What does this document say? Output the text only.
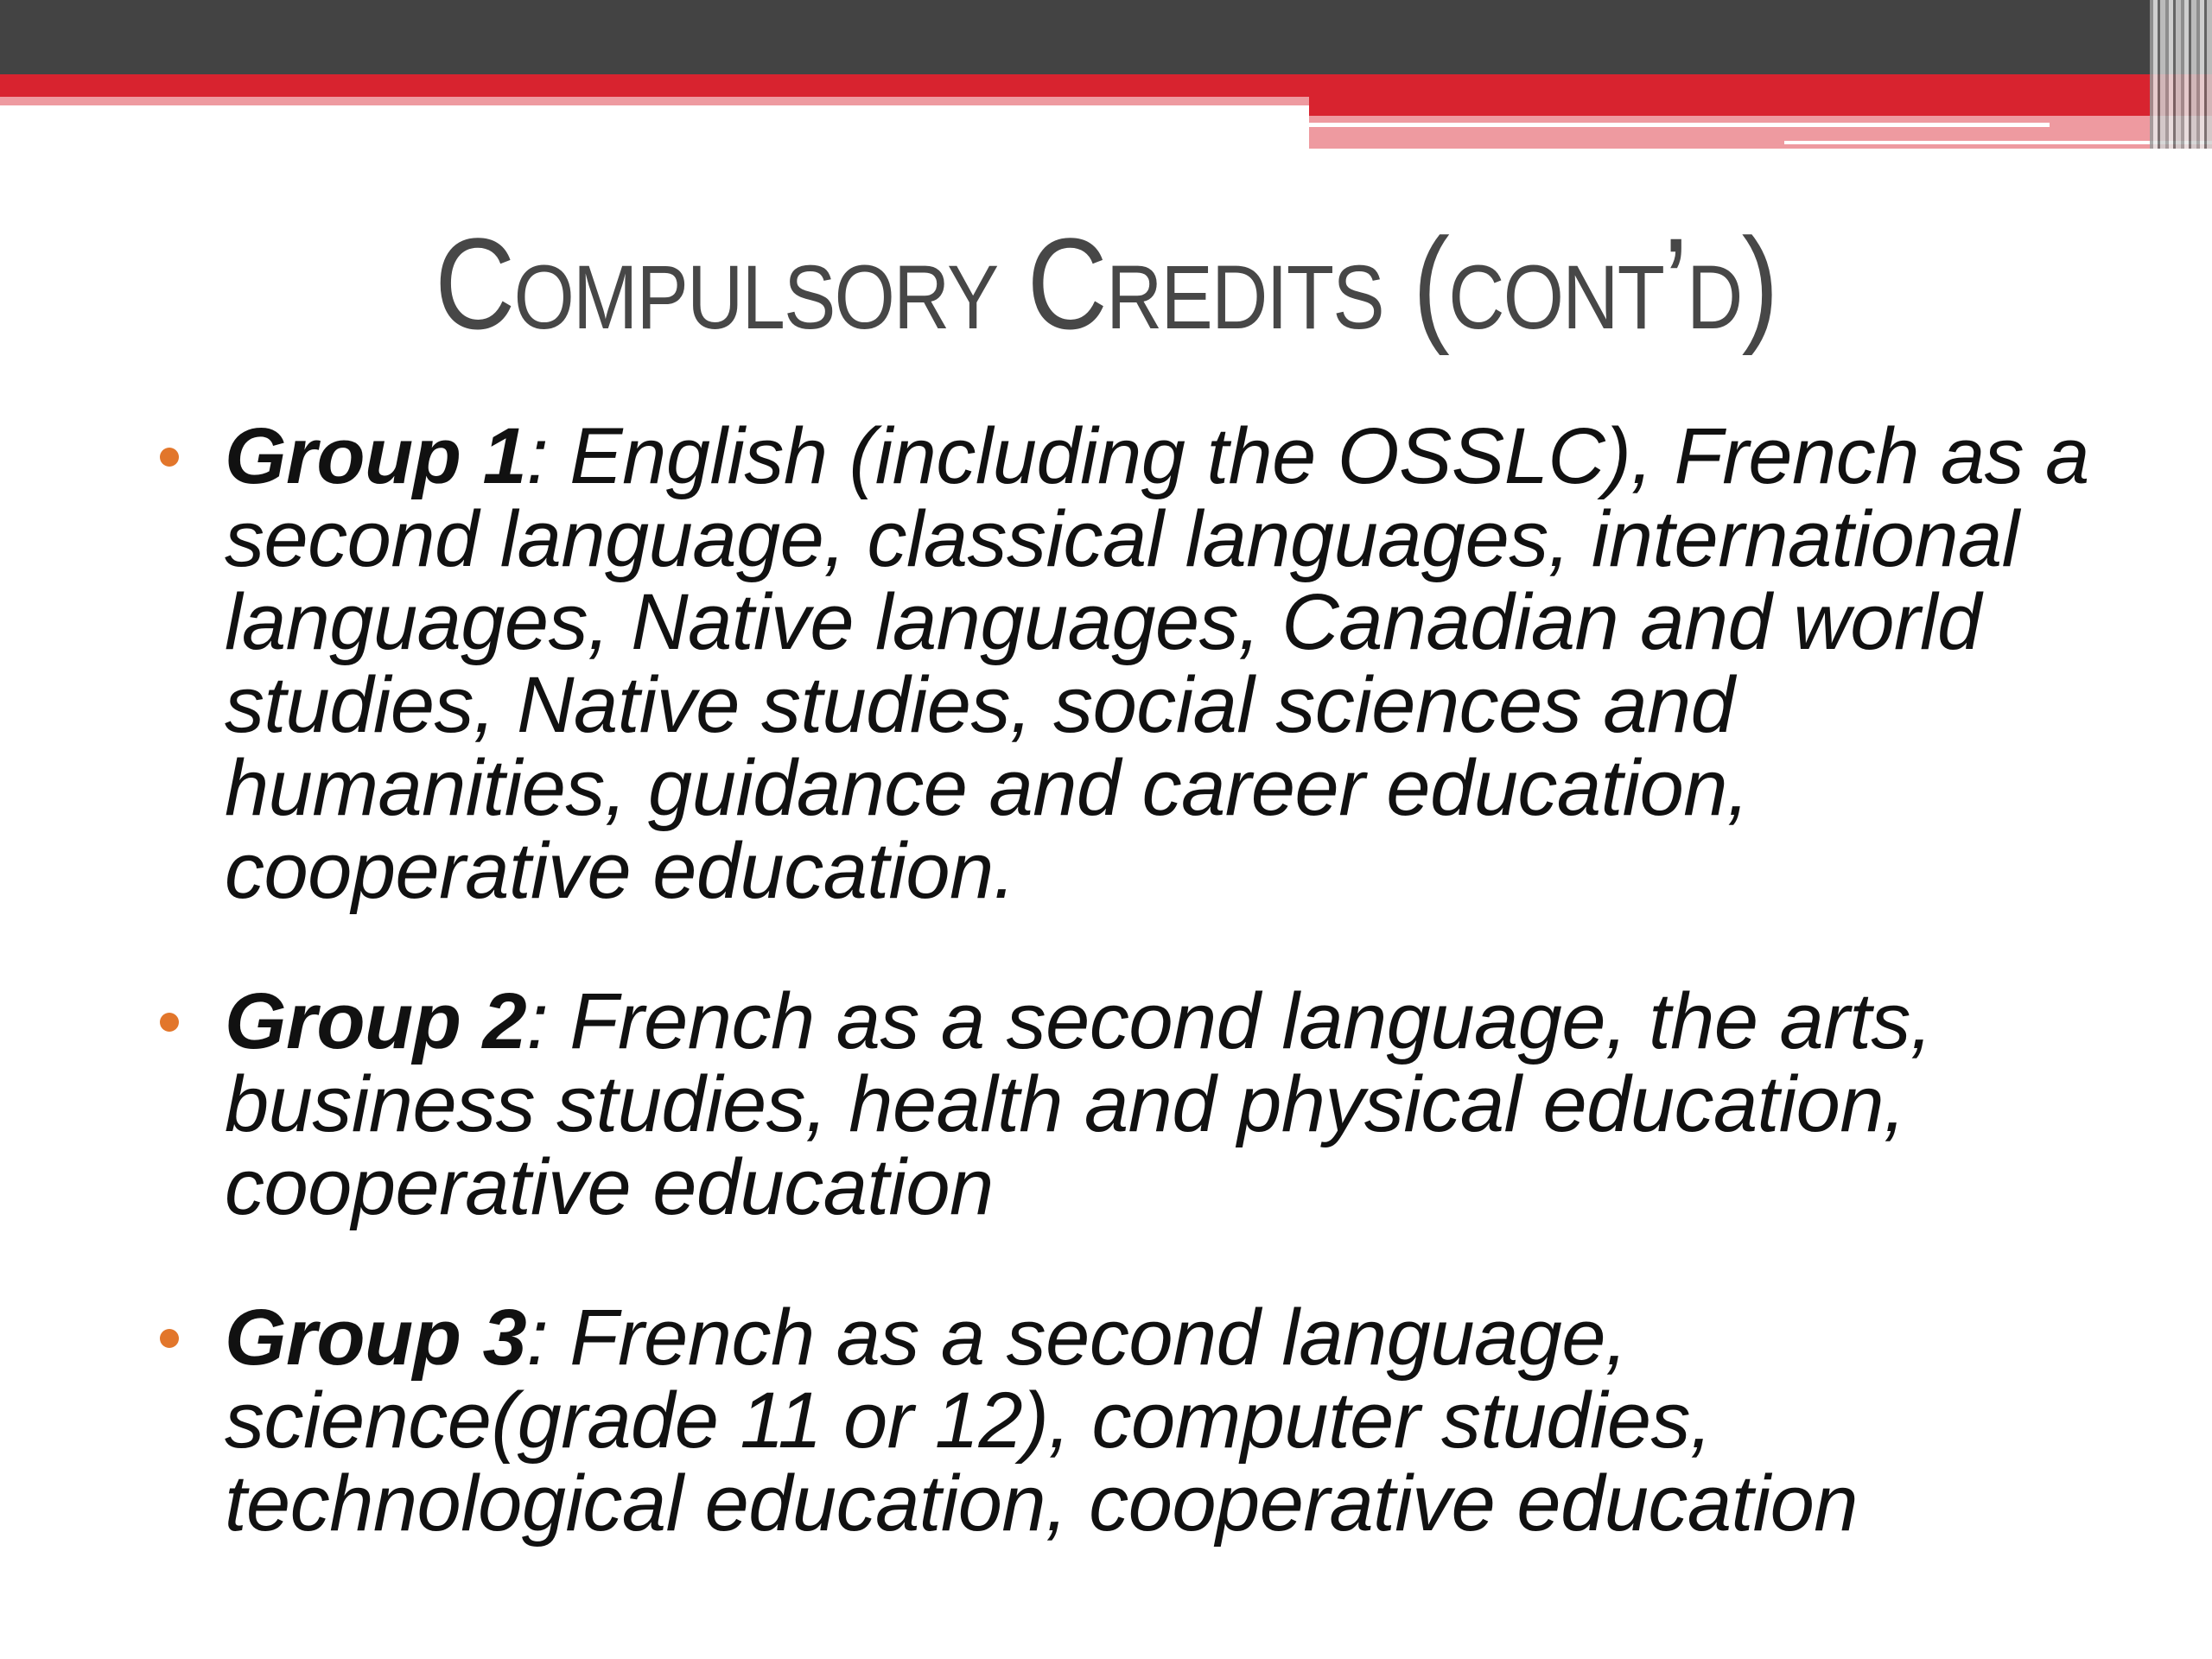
Compulsory Credits (cont’d)
Group 1: English (including the OSSLC), French as a second language, classical languages, international languages, Native languages, Canadian and world studies, Native studies, social sciences and humanities, guidance and career education, cooperative education.
Group 2: French as a second language, the arts, business studies, health and physical education, cooperative education
Group 3: French as a second language, science(grade 11 or 12), computer studies, technological education, cooperative education
